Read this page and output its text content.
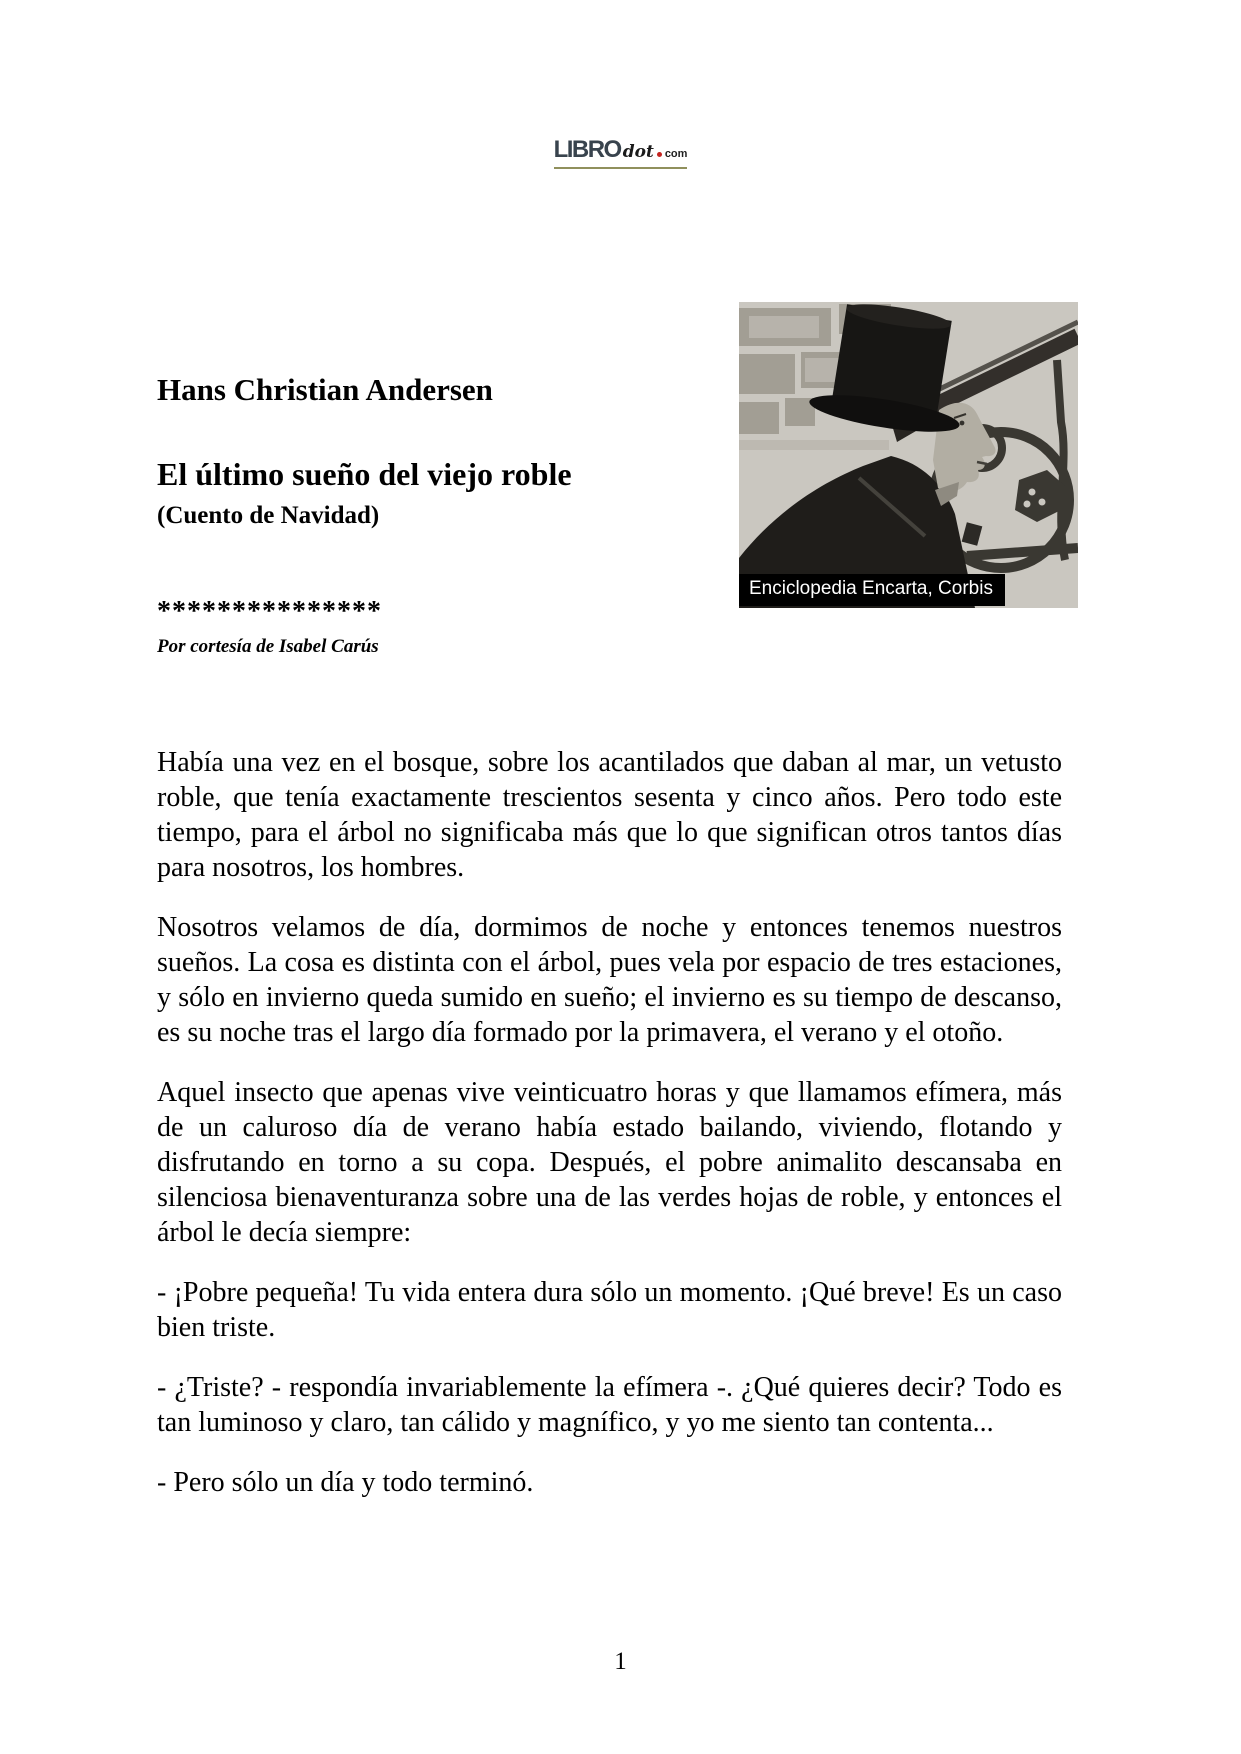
LIBRO dot com
Hans Christian Andersen
El último sueño del viejo roble
(Cuento de Navidad)
***************
Por cortesía de Isabel Carús
Enciclopedia Encarta, Corbis

Había una vez en el bosque, sobre los acantilados que daban al mar, un vetusto roble, que tenía exactamente trescientos sesenta y cinco años. Pero todo este tiempo, para el árbol no significaba más que lo que significan otros tantos días para nosotros, los hombres.

Nosotros velamos de día, dormimos de noche y entonces tenemos nuestros sueños. La cosa es distinta con el árbol, pues vela por espacio de tres estaciones, y sólo en invierno queda sumido en sueño; el invierno es su tiempo de descanso, es su noche tras el largo día formado por la primavera, el verano y el otoño.

Aquel insecto que apenas vive veinticuatro horas y que llamamos efímera, más de un caluroso día de verano había estado bailando, viviendo, flotando y disfrutando en torno a su copa. Después, el pobre animalito descansaba en silenciosa bienaventuranza sobre una de las verdes hojas de roble, y entonces el árbol le decía siempre:

- ¡Pobre pequeña! Tu vida entera dura sólo un momento. ¡Qué breve! Es un caso bien triste.

- ¿Triste? - respondía invariablemente la efímera -. ¿Qué quieres decir? Todo es tan luminoso y claro, tan cálido y magnífico, y yo me siento tan contenta...

- Pero sólo un día y todo terminó.

1
